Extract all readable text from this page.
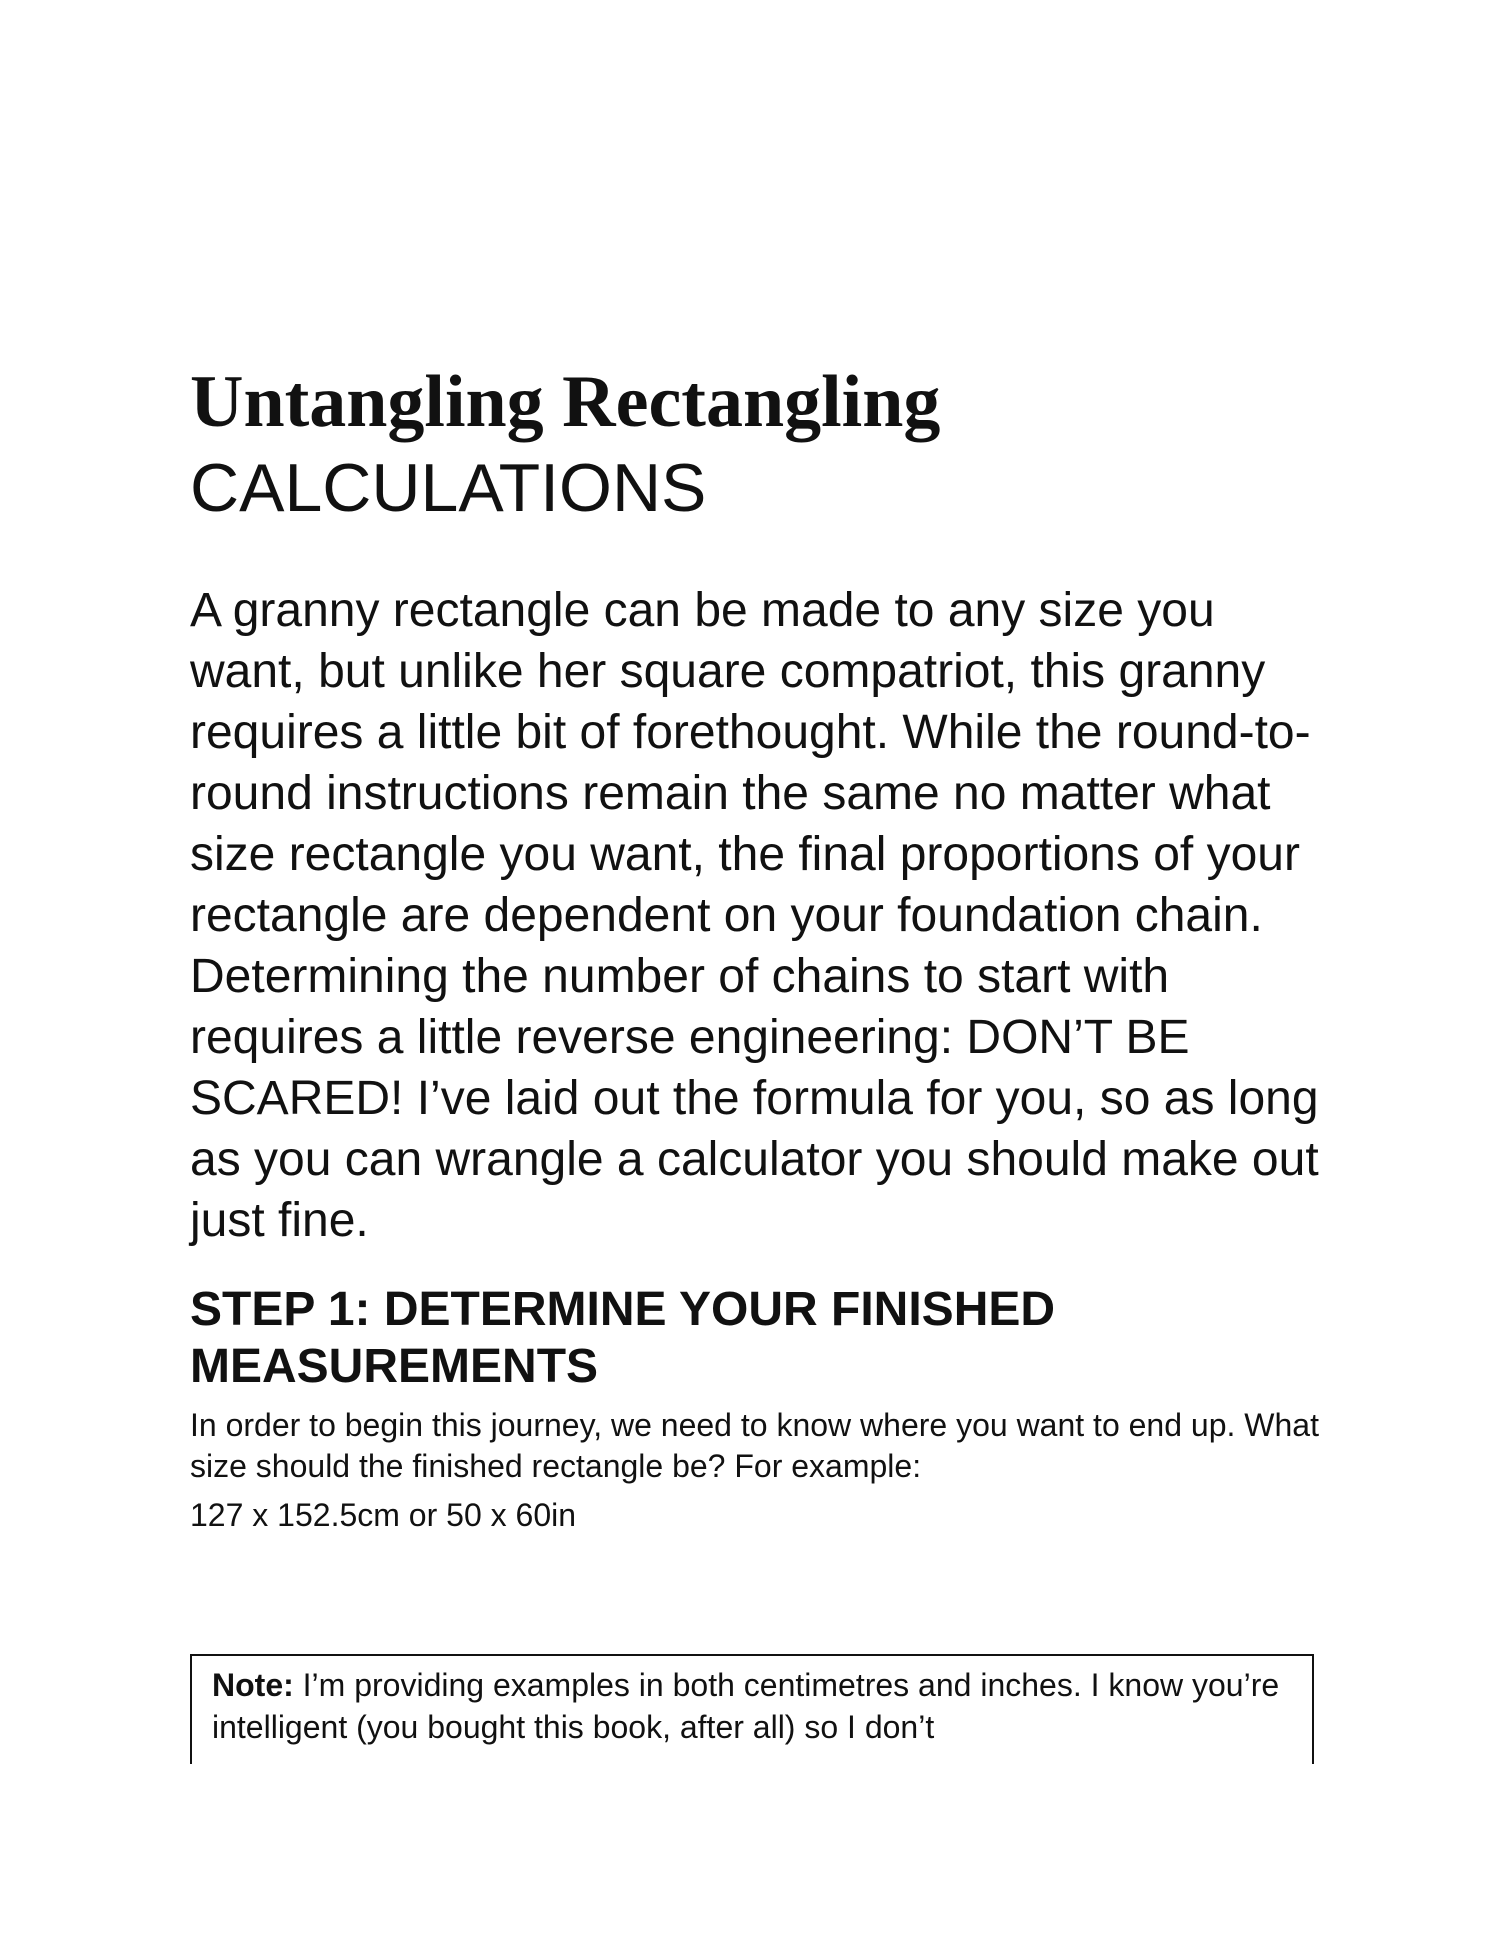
Untangling Rectangling
CALCULATIONS

A granny rectangle can be made to any size you want, but unlike her square compatriot, this granny requires a little bit of forethought. While the round-to-round instructions remain the same no matter what size rectangle you want, the final proportions of your rectangle are dependent on your foundation chain. Determining the number of chains to start with requires a little reverse engineering: DON’T BE SCARED! I’ve laid out the formula for you, so as long as you can wrangle a calculator you should make out just fine.

STEP 1: DETERMINE YOUR FINISHED
MEASUREMENTS

In order to begin this journey, we need to know where you want to end up. What size should the finished rectangle be? For example:

127 x 152.5cm or 50 x 60in

Note: I’m providing examples in both centimetres and inches. I know you’re intelligent (you bought this book, after all) so I don’t
